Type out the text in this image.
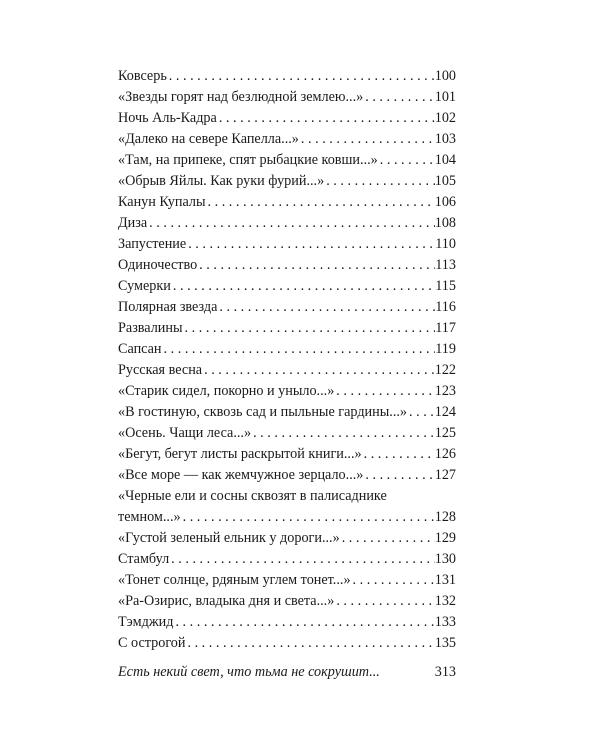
Ковсерь . . .	100
«Звезды горят над безлюдной землею...» . . .	101
Ночь Аль-Кадра . . .	102
«Далеко на севере Капелла...» . . .	103
«Там, на припеке, спят рыбацкие ковши...» . . .	104
«Обрыв Яйлы. Как руки фурий...» . . .	105
Канун Купалы . . .	106
Диза . . .	108
Запустение . . .	110
Одиночество . . .	113
Сумерки . . .	115
Полярная звезда . . .	116
Развалины . . .	117
Сапсан . . .	119
Русская весна . . .	122
«Старик сидел, покорно и уныло...» . . .	123
«В гостиную, сквозь сад и пыльные гардины...» . . . 124
«Осень. Чащи леса...» . . .	125
«Бегут, бегут листы раскрытой книги...» . . .	126
«Все море — как жемчужное зерцало...» . . .	127
«Черные ели и сосны сквозят в палисаднике
темном...» . . .	128
«Густой зеленый ельник у дороги...» . . .	129
Стамбул . . .	130
«Тонет солнце, рдяным углем тонет...» . . .	131
«Ра-Озирис, владыка дня и света...» . . .	132
Тэмджид . . .	133
С острогой . . .	135
Есть некий свет, что тьма не сокрушит...	313
